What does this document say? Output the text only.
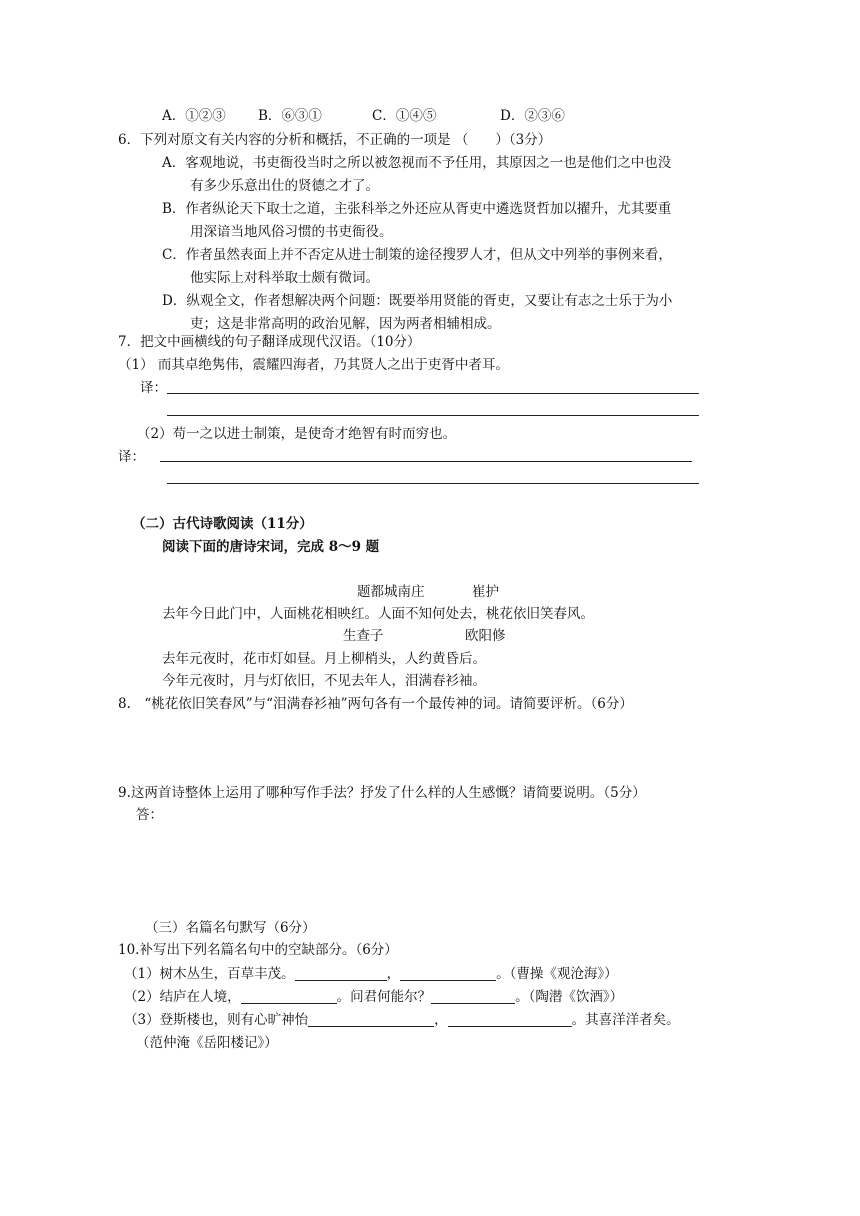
A．①②③ B．⑥③①	C．①④⑤	D．②③⑥
6．下列对原文有关内容的分析和概括，不正确的一项是 （　　）（3分）
A．客观地说，书吏衙役当时之所以被忽视而不予任用，其原因之一也是他们之中也没
有多少乐意出仕的贤德之才了。
B．作者纵论天下取士之道，主张科举之外还应从胥吏中遴选贤哲加以擢升，尤其要重
用深谙当地风俗习惯的书吏衙役。
C．作者虽然表面上并不否定从进士制策的途径搜罗人才，但从文中列举的事例来看，
他实际上对科举取士颇有微词。
D．纵观全文，作者想解决两个问题：既要举用贤能的胥吏，又要让有志之士乐于为小
吏；这是非常高明的政治见解，因为两者相辅相成。
7．把文中画横线的句子翻译成现代汉语。（10分）
（1） 而其卓绝隽伟，震耀四海者，乃其贤人之出于吏胥中者耳。
译：
（2）苟一之以进士制策，是使奇才绝智有时而穷也。
译：
（二）古代诗歌阅读（11分）
阅读下面的唐诗宋词，完成 8～9 题
题都城南庄	崔护
去年今日此门中，人面桃花相映红。人面不知何处去，桃花依旧笑春风。
生查子	欧阳修
去年元夜时，花市灯如昼。月上柳梢头，人约黄昏后。
今年元夜时，月与灯依旧，不见去年人，泪满春衫袖。
8.　“桃花依旧笑春风”与“泪满春衫袖”两句各有一个最传神的词。请简要评析。（6分）
9.这两首诗整体上运用了哪种写作手法？抒发了什么样的人生感慨？请简要说明。（5分）
答：
（三）名篇名句默写（6分）
10.补写出下列名篇名句中的空缺部分。（6分）
（1）树木丛生，百草丰茂。	，	。（曹操《观沧海》）
（2）结庐在人境，	。问君何能尔？	。（陶潜《饮酒》）
（3）登斯楼也，则有心旷神怡	，	。其喜洋洋者矣。
（范仲淹《岳阳楼记》）
